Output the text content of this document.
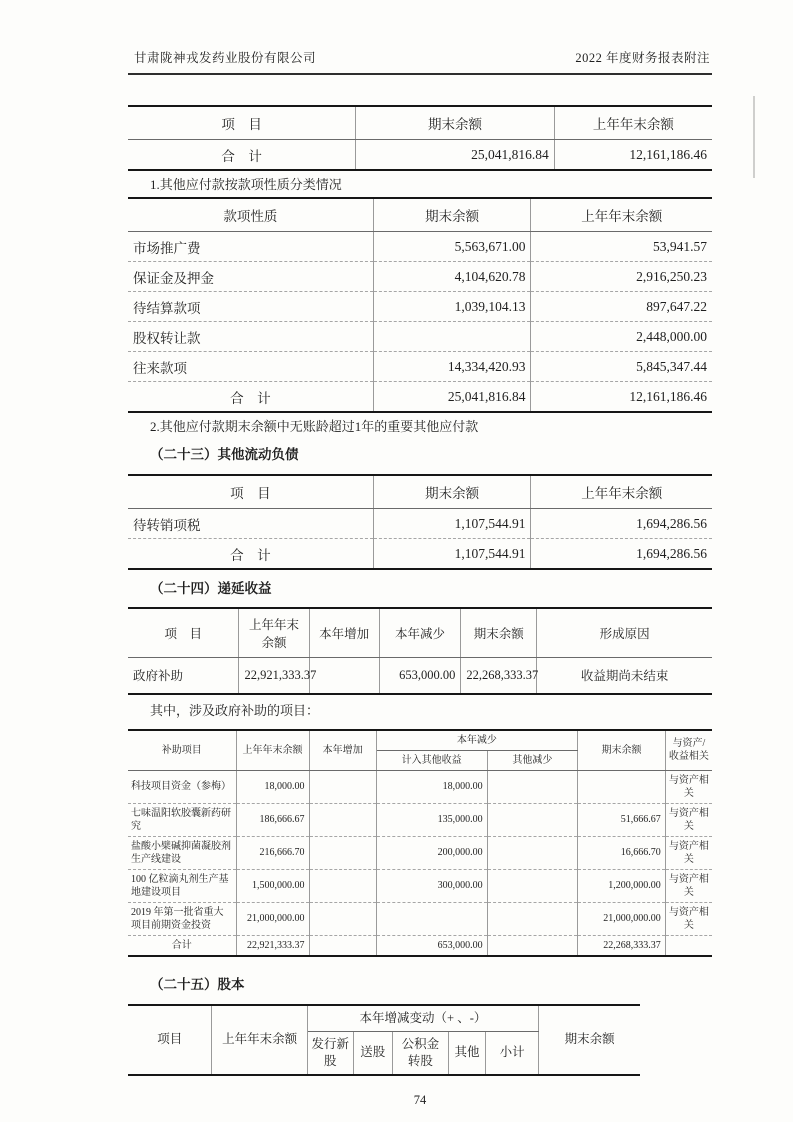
甘肃陇神戎发药业股份有限公司	2022 年度财务报表附注
项　目	期末余额	上年年末余额
合　计	25,041,816.84	12,161,186.46
1.其他应付款按款项性质分类情况
款项性质	期末余额	上年年末余额
市场推广费	5,563,671.00	53,941.57
保证金及押金	4,104,620.78	2,916,250.23
待结算款项	1,039,104.13	897,647.22
股权转让款		2,448,000.00
往来款项	14,334,420.93	5,845,347.44
合　计	25,041,816.84	12,161,186.46
2.其他应付款期末余额中无账龄超过1年的重要其他应付款
（二十三）其他流动负债
项　目	期末余额	上年年末余额
待转销项税	1,107,544.91	1,694,286.56
合　计	1,107,544.91	1,694,286.56
（二十四）递延收益
项　目	上年年末余额	本年增加	本年减少	期末余额	形成原因
政府补助	22,921,333.37		653,000.00	22,268,333.37	收益期尚未结束
其中，涉及政府补助的项目：
补助项目	上年年末余额	本年增加	本年减少		期末余额	与资产/收益相关
			计入其他收益	其他减少		
科技项目资金（参梅）	18,000.00		18,000.00			与资产相关
七味温阳软胶囊新药研究	186,666.67		135,000.00		51,666.67	与资产相关
盐酸小檗碱抑菌凝胶剂生产线建设	216,666.70		200,000.00		16,666.70	与资产相关
100 亿粒滴丸剂生产基地建设项目	1,500,000.00		300,000.00		1,200,000.00	与资产相关
2019 年第一批省重大项目前期资金投资	21,000,000.00				21,000,000.00	与资产相关
合计	22,921,333.37		653,000.00		22,268,333.37	
（二十五）股本
项目	上年年末余额	本年增减变动（+ 、-）					期末余额
		发行新股	送股	公积金转股	其他	小计	
74
